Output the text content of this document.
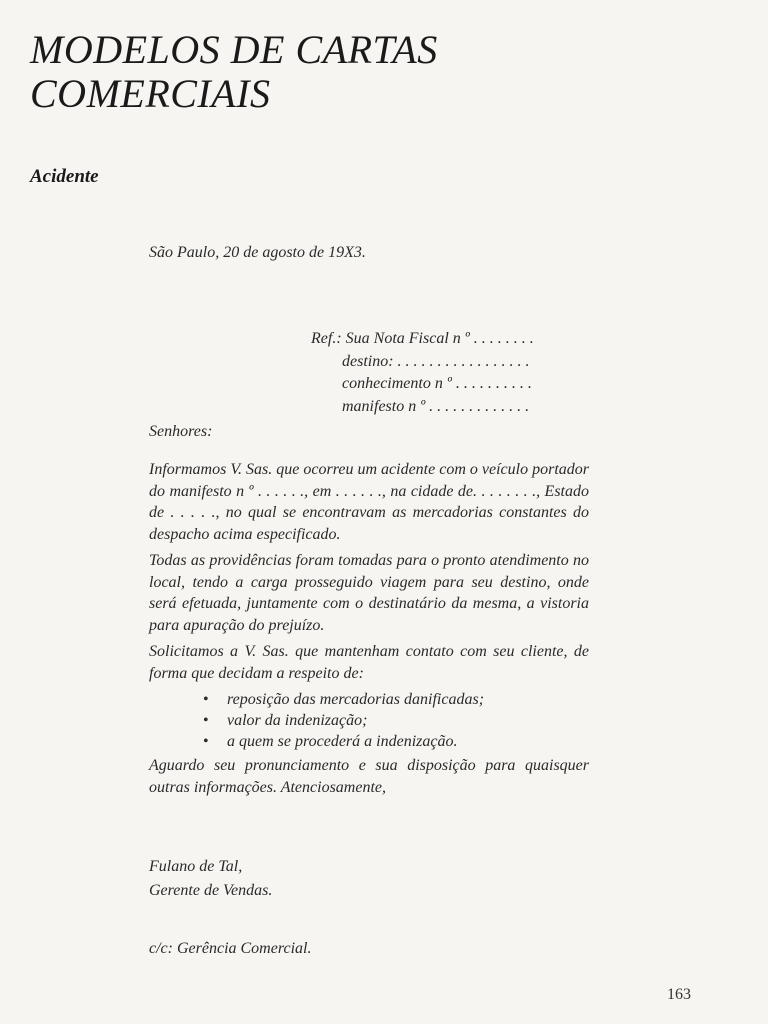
MODELOS DE CARTAS
COMERCIAIS
Acidente
São Paulo, 20 de agosto de 19X3.
Ref.: Sua Nota Fiscal n º . . . . . . . .
destino: . . . . . . . . . . . . . . . . .
conhecimento n º . . . . . . . . . .
manifesto n º . . . . . . . . . . . . .
Senhores:

Informamos V. Sas. que ocorreu um acidente com o veículo portador do manifesto n º . . . . . ., em . . . . . ., na cidade de. . . . . . . ., Estado de . . . . ., no qual se encontravam as mercadorias constantes do despacho acima especificado.

Todas as providências foram tomadas para o pronto atendimento no local, tendo a carga prosseguido viagem para seu destino, onde será efetuada, juntamente com o destinatário da mesma, a vistoria para apuração do prejuízo.

Solicitamos a V. Sas. que mantenham contato com seu cliente, de forma que decidam a respeito de:

• reposição das mercadorias danificadas;
• valor da indenização;
• a quem se procederá a indenização.

Aguardo seu pronunciamento e sua disposição para quaisquer outras informações. Atenciosamente,

Fulano de Tal,
Gerente de Vendas.
c/c: Gerência Comercial.
163
